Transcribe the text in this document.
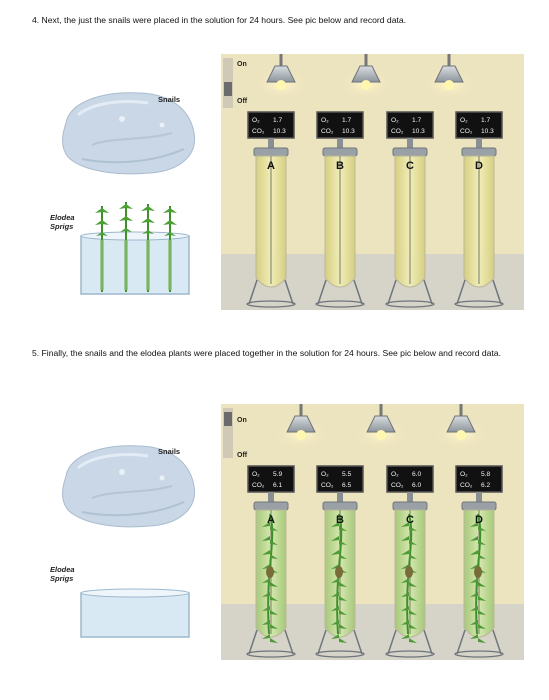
4. Next, the just the snails were placed in the solution for 24 hours. See pic below and record data.

Snails
Elodea
Sprigs
On
Off
O₂ 1.7
CO₂ 10.3
A
O₂ 1.7
CO₂ 10.3
B
O₂ 1.7
CO₂ 10.3
C
O₂ 1.7
CO₂ 10.3
D

5. Finally, the snails and the elodea plants were placed together in the solution for 24 hours. See pic below and record data.

Snails
Elodea
Sprigs
On
Off
O₂ 5.9
CO₂ 6.1
A
O₂ 5.5
CO₂ 6.5
B
O₂ 6.0
CO₂ 6.0
C
O₂ 5.8
CO₂ 6.2
D
